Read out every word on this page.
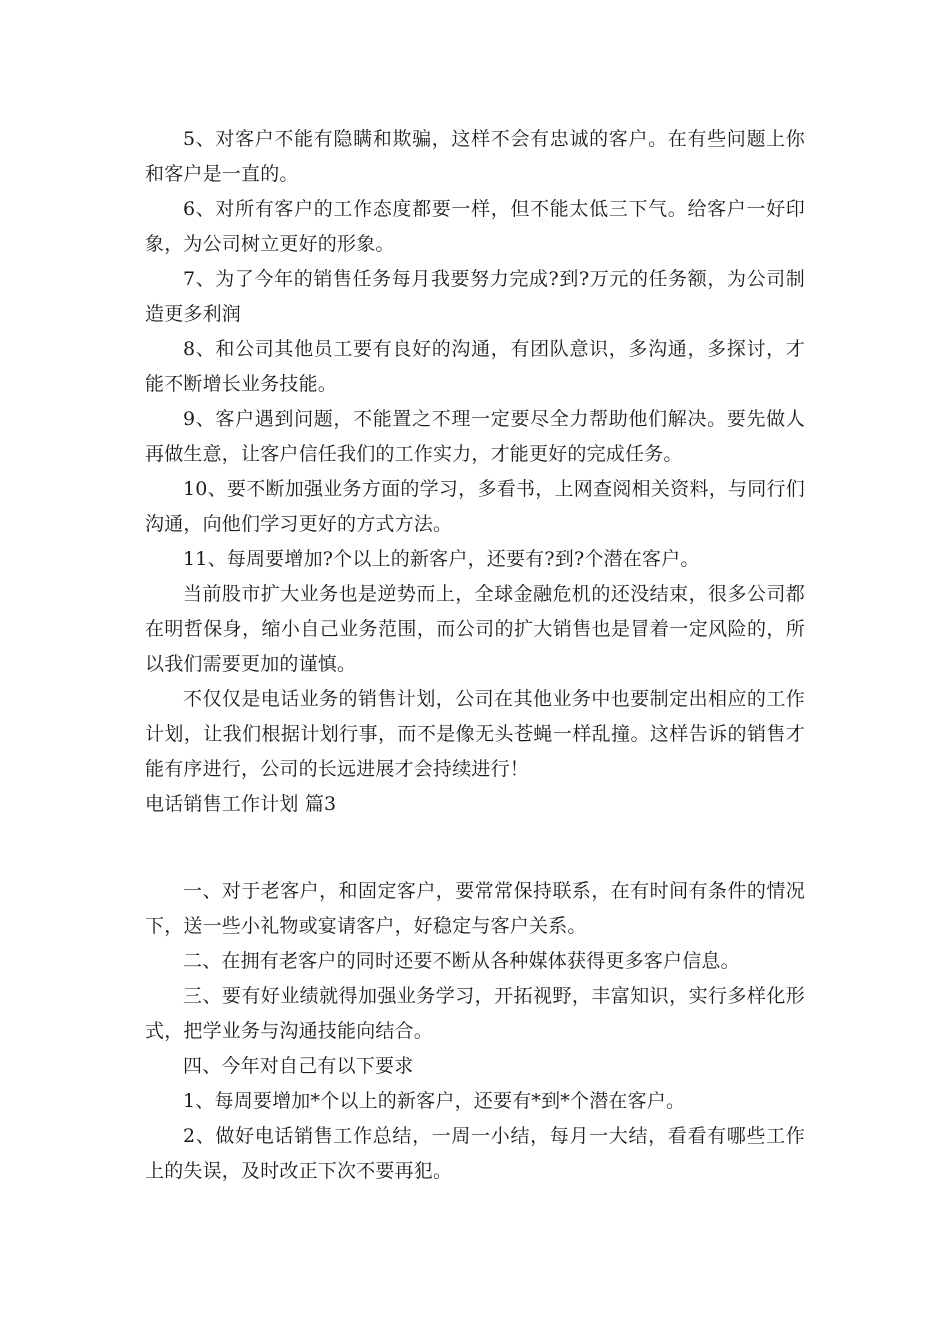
5、对客户不能有隐瞒和欺骗，这样不会有忠诚的客户。在有些问题上你和客户是一直的。

6、对所有客户的工作态度都要一样，但不能太低三下气。给客户一好印象，为公司树立更好的形象。

7、为了今年的销售任务每月我要努力完成?到?万元的任务额，为公司制造更多利润

8、和公司其他员工要有良好的沟通，有团队意识，多沟通，多探讨，才能不断增长业务技能。

9、客户遇到问题，不能置之不理一定要尽全力帮助他们解决。要先做人再做生意，让客户信任我们的工作实力，才能更好的完成任务。

10、要不断加强业务方面的学习，多看书，上网查阅相关资料，与同行们沟通，向他们学习更好的方式方法。

11、每周要增加?个以上的新客户，还要有?到?个潜在客户。

当前股市扩大业务也是逆势而上，全球金融危机的还没结束，很多公司都在明哲保身，缩小自己业务范围，而公司的扩大销售也是冒着一定风险的，所以我们需要更加的谨慎。

不仅仅是电话业务的销售计划，公司在其他业务中也要制定出相应的工作计划，让我们根据计划行事，而不是像无头苍蝇一样乱撞。这样告诉的销售才能有序进行，公司的长远进展才会持续进行！

电话销售工作计划 篇3

一、对于老客户，和固定客户，要常常保持联系，在有时间有条件的情况下，送一些小礼物或宴请客户，好稳定与客户关系。

二、在拥有老客户的同时还要不断从各种媒体获得更多客户信息。

三、要有好业绩就得加强业务学习，开拓视野，丰富知识，实行多样化形式，把学业务与沟通技能向结合。

四、今年对自己有以下要求

1、每周要增加*个以上的新客户，还要有*到*个潜在客户。

2、做好电话销售工作总结，一周一小结，每月一大结，看看有哪些工作上的失误，及时改正下次不要再犯。
